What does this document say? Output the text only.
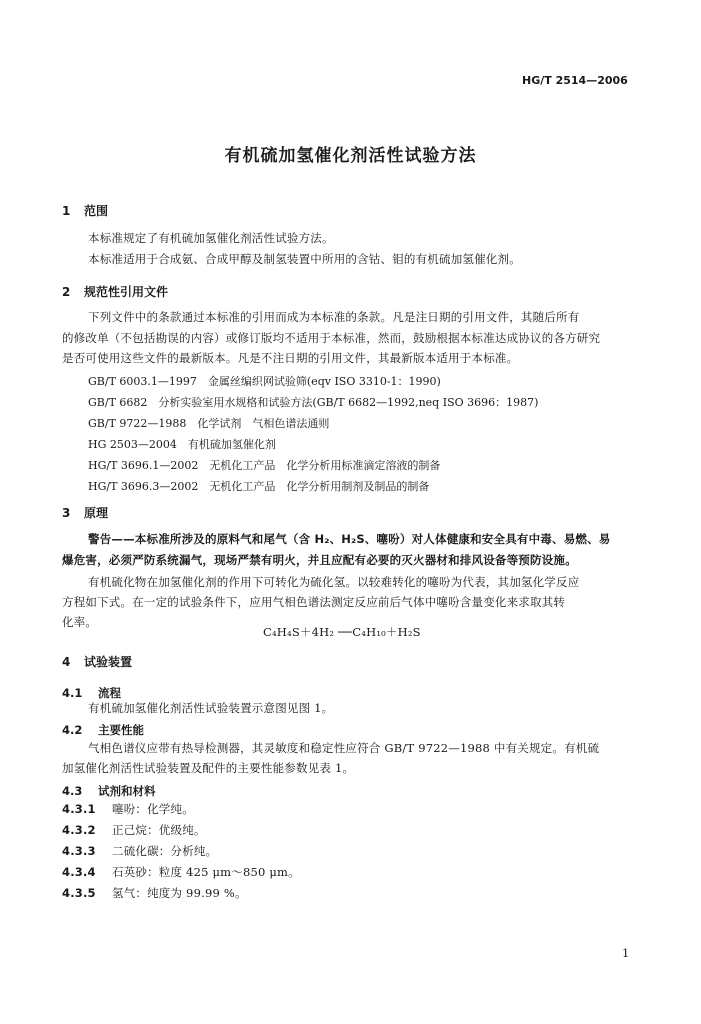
HG/T 2514—2006
有机硫加氢催化剂活性试验方法
1 范围
本标准规定了有机硫加氢催化剂活性试验方法。
本标准适用于合成氨、合成甲醇及制氢装置中所用的含钴、钼的有机硫加氢催化剂。
2 规范性引用文件
下列文件中的条款通过本标准的引用而成为本标准的条款。凡是注日期的引用文件，其随后所有
的修改单（不包括勘误的内容）或修订版均不适用于本标准，然而，鼓励根据本标准达成协议的各方研究
是否可使用这些文件的最新版本。凡是不注日期的引用文件，其最新版本适用于本标准。
GB/T 6003.1—1997　金属丝编织网试验筛(eqv ISO 3310-1：1990)
GB/T 6682　分析实验室用水规格和试验方法(GB/T 6682—1992,neq ISO 3696：1987)
GB/T 9722—1988　化学试剂　气相色谱法通则
HG 2503—2004　有机硫加氢催化剂
HG/T 3696.1—2002　无机化工产品　化学分析用标准滴定溶液的制备
HG/T 3696.3—2002　无机化工产品　化学分析用制剂及制品的制备
3 原理
警告——本标准所涉及的原料气和尾气（含 H₂、H₂S、噻吩）对人体健康和安全具有中毒、易燃、易
爆危害，必须严防系统漏气，现场严禁有明火，并且应配有必要的灭火器材和排风设备等预防设施。
有机硫化物在加氢催化剂的作用下可转化为硫化氢。以较难转化的噻吩为代表，其加氢化学反应
方程如下式。在一定的试验条件下，应用气相色谱法测定反应前后气体中噻吩含量变化来求取其转
化率。
C₄H₄S＋4H₂ ──C₄H₁₀＋H₂S
4 试验装置
4.1 流程
有机硫加氢催化剂活性试验装置示意图见图 1。
4.2 主要性能
气相色谱仪应带有热导检测器，其灵敏度和稳定性应符合 GB/T 9722—1988 中有关规定。有机硫
加氢催化剂活性试验装置及配件的主要性能参数见表 1。
4.3 试剂和材料
4.3.1 噻吩：化学纯。
4.3.2 正己烷：优级纯。
4.3.3 二硫化碳：分析纯。
4.3.4 石英砂：粒度 425 μm～850 μm。
4.3.5 氢气：纯度为 99.99 %。
1
